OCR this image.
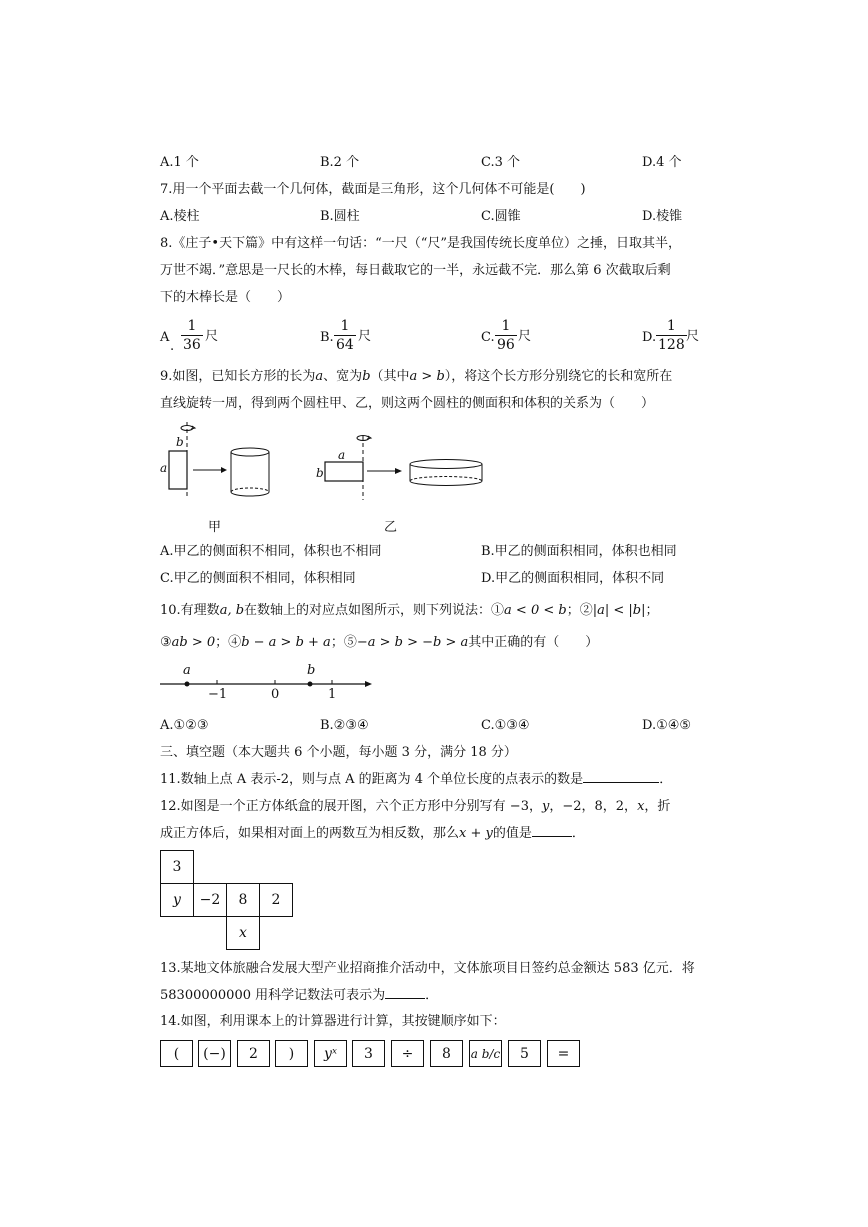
A.1 个	B.2 个	C.3 个	D.4 个
7.用一个平面去截一个几何体，截面是三角形，这个几何体不可能是(　　)
A.棱柱	B.圆柱	C.圆锥	D.棱锥
8.《庄子•天下篇》中有这样一句话：“一尺（“尺”是我国传统长度单位）之捶，日取其半，
万世不竭．”意思是一尺长的木棒，每日截取它的一半，永远截不完．那么第 6 次截取后剩
下的木棒长是（　　）
A
.
1
36
尺	B.
1
64
尺	C.
1
96
尺	D.
1
128
尺
9.如图，已知长方形的长为a、宽为b（其中a > b），将这个长方形分别绕它的长和宽所在
直线旋转一周，得到两个圆柱甲、乙，则这两个圆柱的侧面积和体积的关系为（　　）
b
a
a
b
甲	乙
A.甲乙的侧面积不相同，体积也不相同	B.甲乙的侧面积相同，体积也相同
C.甲乙的侧面积不相同，体积相同	D.甲乙的侧面积相同，体积不同
10.有理数a, b在数轴上的对应点如图所示，则下列说法：①a < 0 < b；②|a| < |b|；
③ab > 0；④b − a > b + a；⑤−a > b > −b > a其中正确的有（　　）
a	b
−1	0	1
A.①②③	B.②③④	C.①③④	D.①④⑤
三、填空题（本大题共 6 个小题，每小题 3 分，满分 18 分）
11.数轴上点 A 表示-2，则与点 A 的距离为 4 个单位长度的点表示的数是	．
12.如图是一个正方体纸盒的展开图，六个正方形中分别写有 −3，y，−2，8，2，x，折
成正方体后，如果相对面上的两数互为相反数，那么x + y的值是	．
3
y	−2	8	2
x
13.某地文体旅融合发展大型产业招商推介活动中，文体旅项目日签约总金额达 583 亿元．将
58300000000 用科学记数法可表示为	．
14.如图，利用课本上的计算器进行计算，其按键顺序如下：
(	(−)	2	)	yˣ	3	÷	8	a b/c	5	=
